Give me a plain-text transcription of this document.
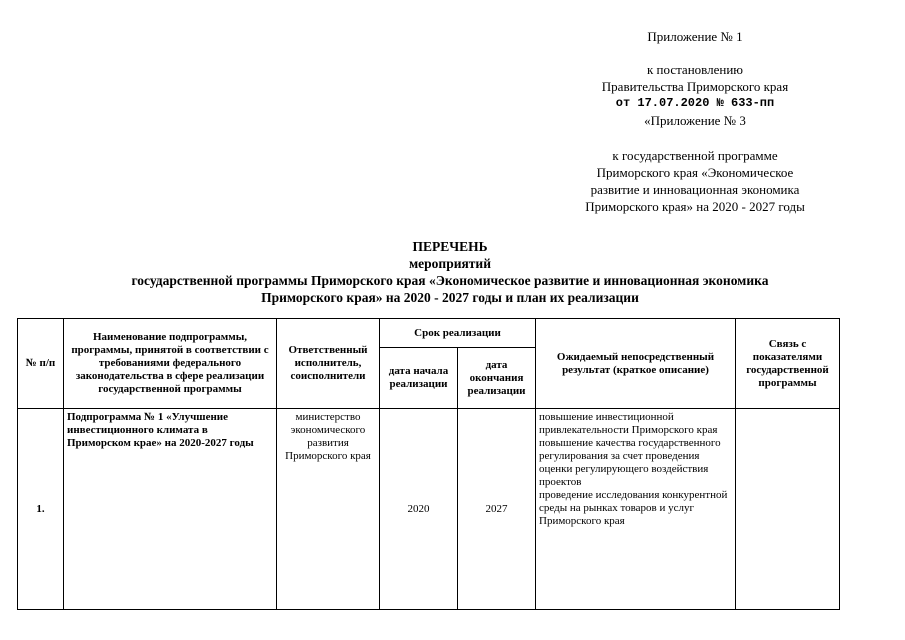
Приложение № 1
к постановлению
Правительства Приморского края
от 17.07.2020 № 633-пп
«Приложение № 3
к государственной программе
Приморского края «Экономическое
развитие и инновационная экономика
Приморского края» на 2020 - 2027 годы
ПЕРЕЧЕНЬ
мероприятий
государственной программы Приморского края «Экономическое развитие и инновационная экономика
Приморского края» на 2020 - 2027 годы и план их реализации
№ п/п	Наименование подпрограммы, программы, принятой в соответствии с требованиями федерального законодательства в сфере реализации государственной программы	Ответственный исполнитель, соисполнители	Срок реализации		Ожидаемый непосредственный результат (краткое описание)	Связь с показателями государственной программы
			дата начала реализации	дата окончания реализации		
1.	Подпрограмма № 1 «Улучшение инвестиционного климата в Приморском крае» на 2020-2027 годы	министерство экономического развития Приморского края	2020	2027	повышение инвестиционной привлекательности Приморского края
повышение качества государственного регулирования за счет проведения оценки регулирующего воздействия проектов
проведение исследования конкурентной среды на рынках товаров и услуг Приморского края	
